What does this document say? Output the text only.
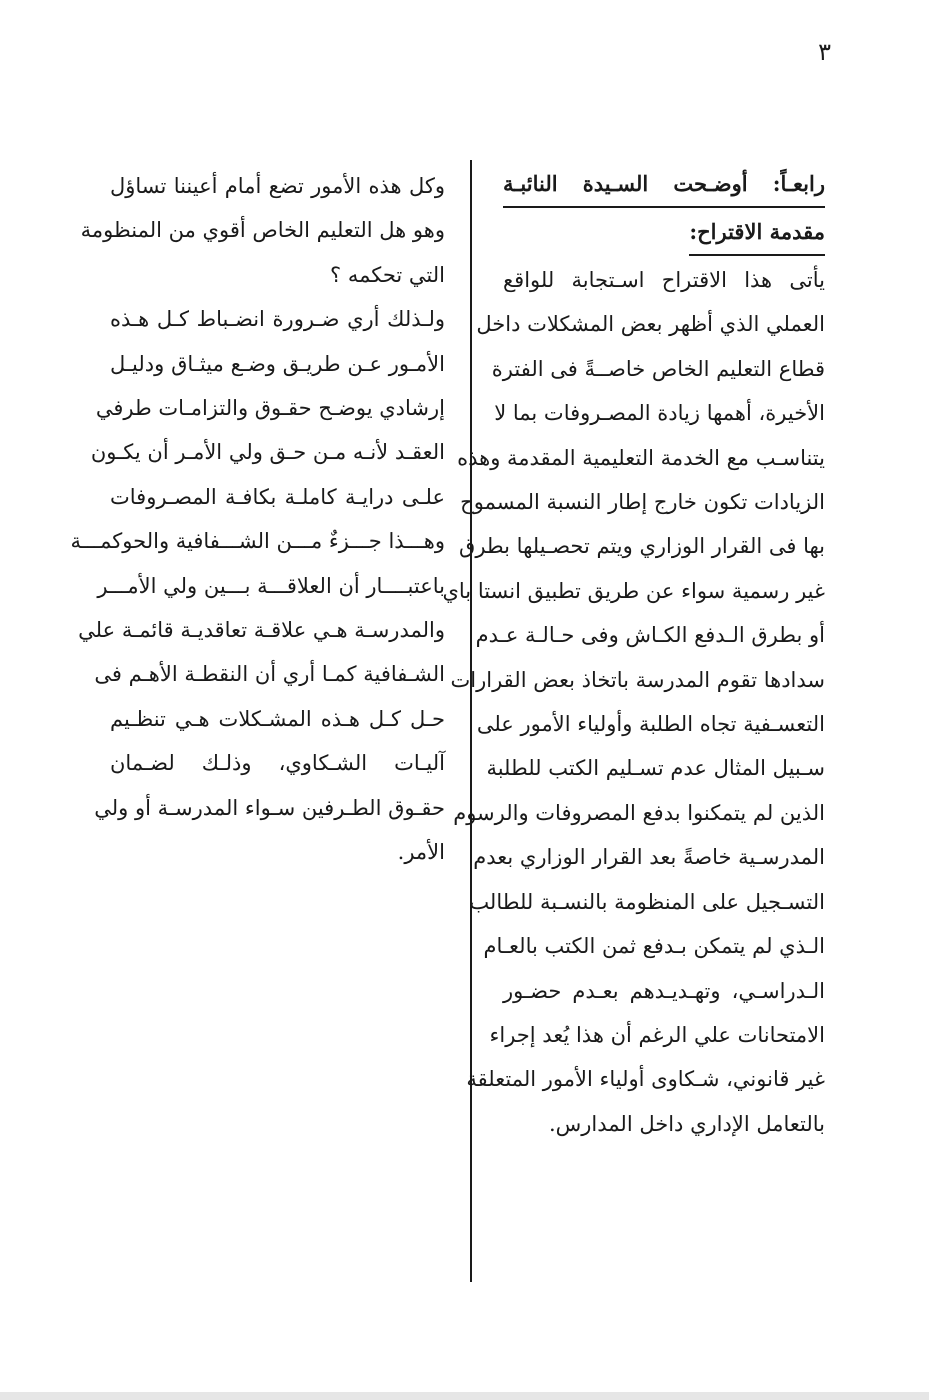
٣
رابعـاً: أوضـحت السـيدة النائبـة
مقدمة الاقتراح:
يأتى هذا الاقتراح اسـتجابة للواقع
العملي الذي أظهر بعض المشكلات داخل
قطاع التعليم الخاص خاصــةً فى الفترة
الأخيرة، أهمها زيادة المصـروفات بما لا
يتناسـب مع الخدمة التعليمية المقدمة وهذه
الزيادات تكون خارج إطار النسبة المسموح
بها فى القرار الوزاري ويتم تحصـيلها بطرق
غير رسمية سواء عن طريق تطبيق انستا باي
أو بطرق الـدفع الكـاش وفى حـالـة عـدم
سدادها تقوم المدرسة باتخاذ بعض القرارات
التعسـفية تجاه الطلبة وأولياء الأمور على
سـبيل المثال عدم تسـليم الكتب للطلبة
الذين لم يتمكنوا بدفع المصروفات والرسوم
المدرسـية خاصةً بعد القرار الوزاري بعدم
التسـجيل على المنظومة بالنسـبة للطالب
الـذي لم يتمكن بـدفع ثمن الكتب بالعـام
الـدراسـي، وتهـديـدهم بعـدم حضـور
الامتحانات علي الرغم أن هذا يُعد إجراء
غير قانوني، شـكاوى أولياء الأمور المتعلقة
بالتعامل الإداري داخل المدارس.
وكل هذه الأمور تضع أمام أعيننا تساؤل
وهو هل التعليم الخاص أقوي من المنظومة
التي تحكمه ؟
ولـذلك أري ضـرورة انضـباط كـل هـذه
الأمـور عـن طريـق وضـع ميثـاق ودليـل
إرشادي يوضـح حقـوق والتزامـات طرفي
العقـد لأنـه مـن حـق ولي الأمـر أن يكـون
علـى درايـة كاملـة بكافـة المصـروفات
وهـــذا جـــزءٌ مـــن الشـــفافية والحوكمـــة
باعتبــــار أن العلاقـــة بـــين ولي الأمـــر
والمدرسـة هـي علاقـة تعاقديـة قائمـة علي
الشـفافية كمـا أري أن النقطـة الأهـم فى
حـل كـل هـذه المشـكلات هـي تنظـيم
آليـات الشـكاوي، وذلـك لضـمان
حقـوق الطـرفين سـواء المدرسـة أو ولي
الأمر.
